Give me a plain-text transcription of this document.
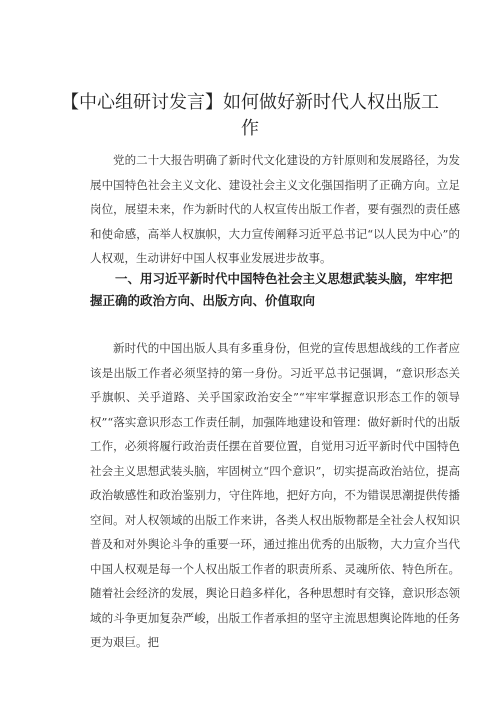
【中心组研讨发言】如何做好新时代人权出版工作

党的二十大报告明确了新时代文化建设的方针原则和发展路径，为发展中国特色社会主义文化、建设社会主义文化强国指明了正确方向。立足岗位，展望未来，作为新时代的人权宣传出版工作者，要有强烈的责任感和使命感，高举人权旗帜，大力宣传阐释习近平总书记“以人民为中心”的人权观，生动讲好中国人权事业发展进步故事。

一、用习近平新时代中国特色社会主义思想武装头脑，牢牢把握正确的政治方向、出版方向、价值取向

新时代的中国出版人具有多重身份，但党的宣传思想战线的工作者应该是出版工作者必须坚持的第一身份。习近平总书记强调，“意识形态关乎旗帜、关乎道路、关乎国家政治安全”“牢牢掌握意识形态工作的领导权”“落实意识形态工作责任制，加强阵地建设和管理：做好新时代的出版工作，必须将履行政治责任摆在首要位置，自觉用习近平新时代中国特色社会主义思想武装头脑，牢固树立“四个意识”，切实提高政治站位，提高政治敏感性和政治鉴别力，守住阵地，把好方向，不为错误思潮提供传播空间。对人权领域的出版工作来讲，各类人权出版物都是全社会人权知识普及和对外舆论斗争的重要一环，通过推出优秀的出版物，大力宣介当代中国人权观是每一个人权出版工作者的职责所系、灵魂所依、特色所在。随着社会经济的发展，舆论日趋多样化，各种思想时有交锋，意识形态领域的斗争更加复杂严峻，出版工作者承担的坚守主流思想舆论阵地的任务更为艰巨。把
